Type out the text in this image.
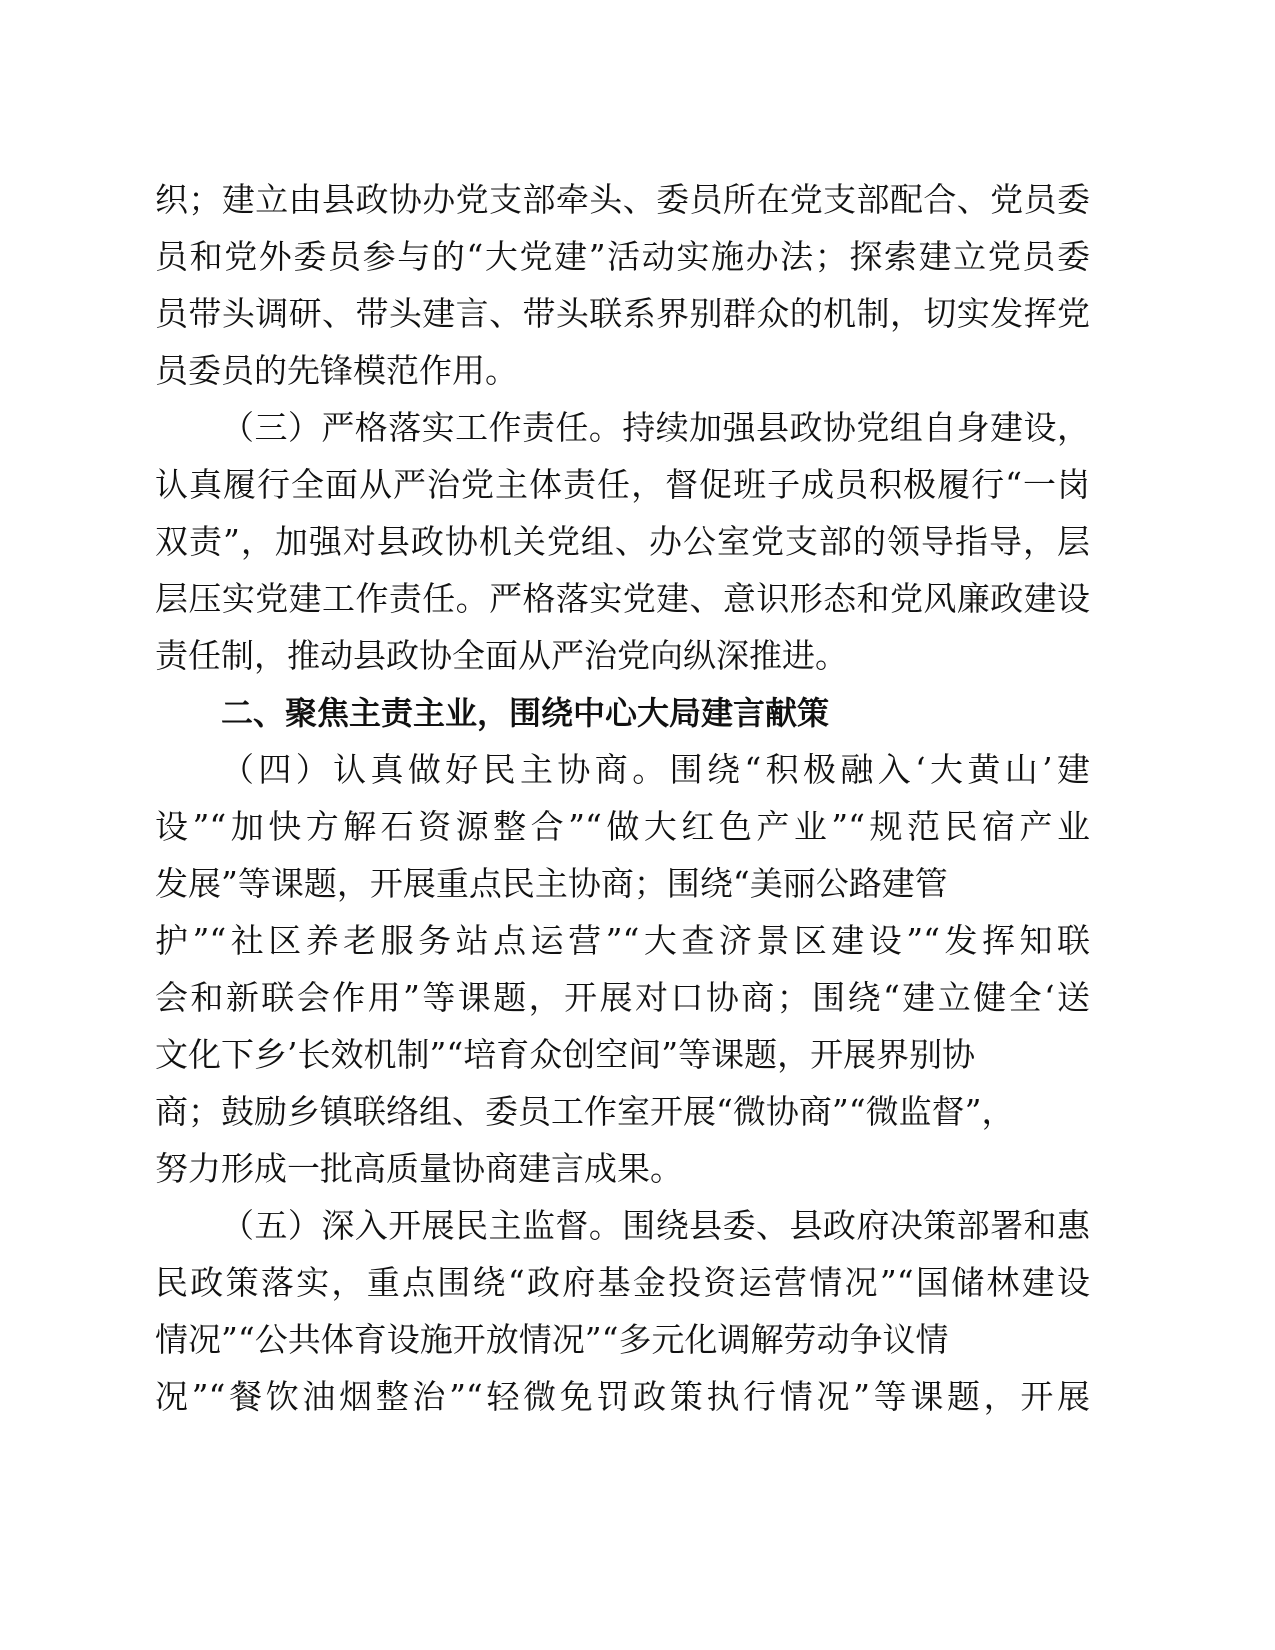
织；建立由县政协办党支部牵头、委员所在党支部配合、党员委
员和党外委员参与的“大党建”活动实施办法；探索建立党员委
员带头调研、带头建言、带头联系界别群众的机制，切实发挥党
员委员的先锋模范作用。
（三）严格落实工作责任。持续加强县政协党组自身建设，
认真履行全面从严治党主体责任，督促班子成员积极履行“一岗
双责”，加强对县政协机关党组、办公室党支部的领导指导，层
层压实党建工作责任。严格落实党建、意识形态和党风廉政建设
责任制，推动县政协全面从严治党向纵深推进。
二、聚焦主责主业，围绕中心大局建言献策
（四）认真做好民主协商。围绕“积极融入‘大黄山’建
设”“加快方解石资源整合”“做大红色产业”“规范民宿产业
发展”等课题，开展重点民主协商；围绕“美丽公路建管
护”“社区养老服务站点运营”“大查济景区建设”“发挥知联
会和新联会作用”等课题，开展对口协商；围绕“建立健全‘送
文化下乡’长效机制”“培育众创空间”等课题，开展界别协
商；鼓励乡镇联络组、委员工作室开展“微协商”“微监督”，
努力形成一批高质量协商建言成果。
（五）深入开展民主监督。围绕县委、县政府决策部署和惠
民政策落实，重点围绕“政府基金投资运营情况”“国储林建设
情况”“公共体育设施开放情况”“多元化调解劳动争议情
况”“餐饮油烟整治”“轻微免罚政策执行情况”等课题，开展
